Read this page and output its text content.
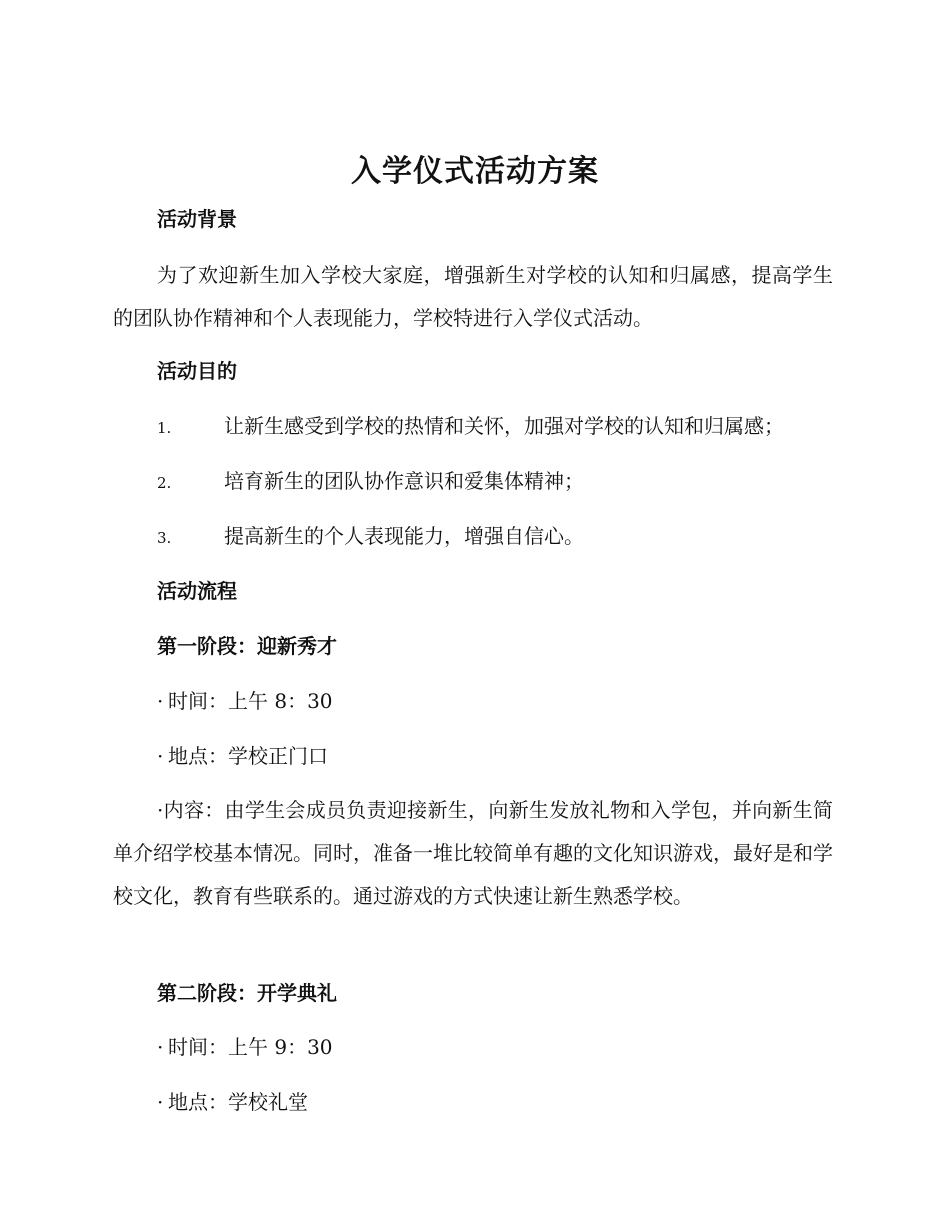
入学仪式活动方案
活动背景
为了欢迎新生加入学校大家庭，增强新生对学校的认知和归属感，提高学生的团队协作精神和个人表现能力，学校特进行入学仪式活动。
活动目的
1.	让新生感受到学校的热情和关怀，加强对学校的认知和归属感；
2.	培育新生的团队协作意识和爱集体精神；
3.	提高新生的个人表现能力，增强自信心。
活动流程
第一阶段：迎新秀才
· 时间：上午 8：30
· 地点：学校正门口
·内容：由学生会成员负责迎接新生，向新生发放礼物和入学包，并向新生简单介绍学校基本情况。同时，准备一堆比较简单有趣的文化知识游戏，最好是和学校文化，教育有些联系的。通过游戏的方式快速让新生熟悉学校。
第二阶段：开学典礼
· 时间：上午 9：30
· 地点：学校礼堂
